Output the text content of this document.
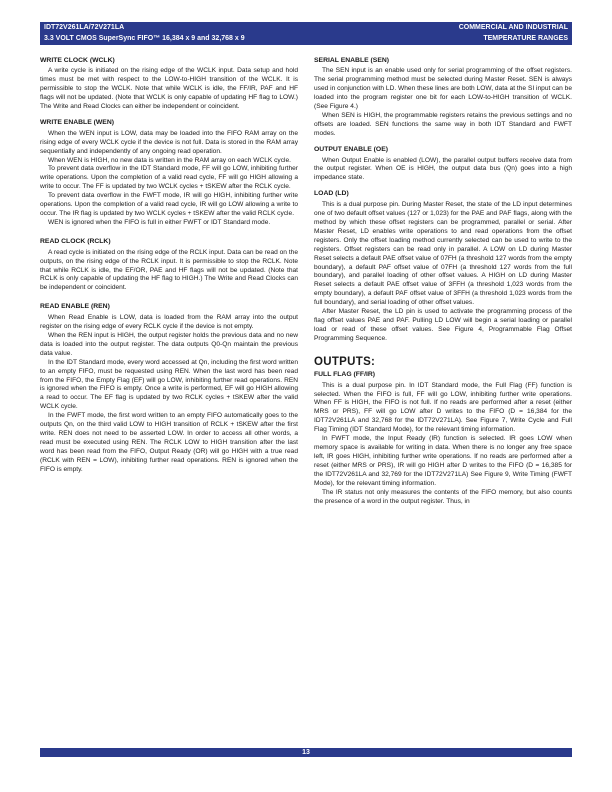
IDT72V261LA/72V271LA
3.3 VOLT CMOS SuperSync FIFO™ 16,384 x 9 and 32,768 x 9
COMMERCIAL AND INDUSTRIAL
TEMPERATURE RANGES
WRITE CLOCK (WCLK)
A write cycle is initiated on the rising edge of the WCLK input. Data setup and hold times must be met with respect to the LOW-to-HIGH transition of the WCLK. It is permissible to stop the WCLK. Note that while WCLK is idle, the FF/IR, PAF and HF flags will not be updated. (Note that WCLK is only capable of updating HF flag to LOW.) The Write and Read Clocks can either be independent or coincident.
WRITE ENABLE (WEN)
When the WEN input is LOW, data may be loaded into the FIFO RAM array on the rising edge of every WCLK cycle if the device is not full. Data is stored in the RAM array sequentially and independently of any ongoing read operation.
When WEN is HIGH, no new data is written in the RAM array on each WCLK cycle.
To prevent data overflow in the IDT Standard mode, FF will go LOW, inhibiting further write operations. Upon the completion of a valid read cycle, FF will go HIGH allowing a write to occur. The FF is updated by two WCLK cycles + tSKEW after the RCLK cycle.
To prevent data overflow in the FWFT mode, IR will go HIGH, inhibiting further write operations. Upon the completion of a valid read cycle, IR will go LOW allowing a write to occur. The IR flag is updated by two WCLK cycles + tSKEW after the valid RCLK cycle.
WEN is ignored when the FIFO is full in either FWFT or IDT Standard mode.
READ CLOCK (RCLK)
A read cycle is initiated on the rising edge of the RCLK input. Data can be read on the outputs, on the rising edge of the RCLK input. It is permissible to stop the RCLK. Note that while RCLK is idle, the EF/OR, PAE and HF flags will not be updated. (Note that RCLK is only capable of updating the HF flag to HIGH.) The Write and Read Clocks can be independent or coincident.
READ ENABLE (REN)
When Read Enable is LOW, data is loaded from the RAM array into the output register on the rising edge of every RCLK cycle if the device is not empty.
When the REN input is HIGH, the output register holds the previous data and no new data is loaded into the output register. The data outputs Q0-Qn maintain the previous data value.
In the IDT Standard mode, every word accessed at Qn, including the first word written to an empty FIFO, must be requested using REN. When the last word has been read from the FIFO, the Empty Flag (EF) will go LOW, inhibiting further read operations. REN is ignored when the FIFO is empty. Once a write is performed, EF will go HIGH allowing a read to occur. The EF flag is updated by two RCLK cycles + tSKEW after the valid WCLK cycle.
In the FWFT mode, the first word written to an empty FIFO automatically goes to the outputs Qn, on the third valid LOW to HIGH transition of RCLK + tSKEW after the first write. REN does not need to be asserted LOW. In order to access all other words, a read must be executed using REN. The RCLK LOW to HIGH transition after the last word has been read from the FIFO, Output Ready (OR) will go HIGH with a true read (RCLK with REN = LOW), inhibiting further read operations. REN is ignored when the FIFO is empty.
SERIAL ENABLE (SEN)
The SEN input is an enable used only for serial programming of the offset registers. The serial programming method must be selected during Master Reset. SEN is always used in conjunction with LD. When these lines are both LOW, data at the SI input can be loaded into the program register one bit for each LOW-to-HIGH transition of WCLK. (See Figure 4.)
When SEN is HIGH, the programmable registers retains the previous settings and no offsets are loaded. SEN functions the same way in both IDT Standard and FWFT modes.
OUTPUT ENABLE (OE)
When Output Enable is enabled (LOW), the parallel output buffers receive data from the output register. When OE is HIGH, the output data bus (Qn) goes into a high impedance state.
LOAD (LD)
This is a dual purpose pin. During Master Reset, the state of the LD input determines one of two default offset values (127 or 1,023) for the PAE and PAF flags, along with the method by which these offset registers can be programmed, parallel or serial. After Master Reset, LD enables write operations to and read operations from the offset registers. Only the offset loading method currently selected can be used to write to the registers. Offset registers can be read only in parallel. A LOW on LD during Master Reset selects a default PAE offset value of 07FH (a threshold 127 words from the empty boundary), a default PAF offset value of 07FH (a threshold 127 words from the full boundary), and parallel loading of other offset values. A HIGH on LD during Master Reset selects a default PAE offset value of 3FFH (a threshold 1,023 words from the empty boundary), a default PAF offset value of 3FFH (a threshold 1,023 words from the full boundary), and serial loading of other offset values.
After Master Reset, the LD pin is used to activate the programming process of the flag offset values PAE and PAF. Pulling LD LOW will begin a serial loading or parallel load or read of these offset values. See Figure 4, Programmable Flag Offset Programming Sequence.
OUTPUTS:
FULL FLAG (FF/IR)
This is a dual purpose pin. In IDT Standard mode, the Full Flag (FF) function is selected. When the FIFO is full, FF will go LOW, inhibiting further write operations. When FF is HIGH, the FIFO is not full. If no reads are performed after a reset (either MRS or PRS), FF will go LOW after D writes to the FIFO (D = 16,384 for the IDT72V261LA and 32,768 for the IDT72V271LA). See Figure 7, Write Cycle and Full Flag Timing (IDT Standard Mode), for the relevant timing information.
In FWFT mode, the Input Ready (IR) function is selected. IR goes LOW when memory space is available for writing in data. When there is no longer any free space left, IR goes HIGH, inhibiting further write operations. If no reads are performed after a reset (either MRS or PRS), IR will go HIGH after D writes to the FIFO (D = 16,385 for the IDT72V261LA and 32,769 for the IDT72V271LA) See Figure 9, Write Timing (FWFT Mode), for the relevant timing information.
The IR status not only measures the contents of the FIFO memory, but also counts the presence of a word in the output register. Thus, in
13
